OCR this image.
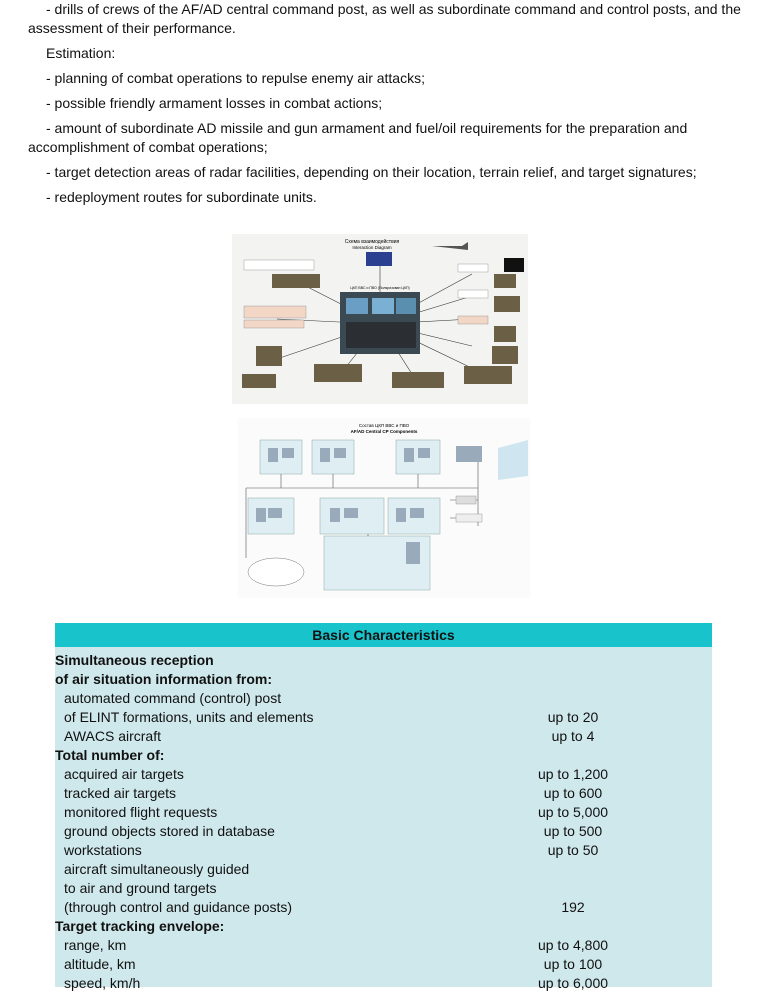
- drills of crews of the AF/AD central command post, as well as subordinate command and control posts, and the assessment of their performance.

Estimation:

- planning of combat operations to repulse enemy air attacks;

- possible friendly armament losses in combat actions;

- amount of subordinate AD missile and gun armament and fuel/oil requirements for the preparation and accomplishment of combat operations;

- target detection areas of radar facilities, depending on their location, terrain relief, and target signatures;

- redeployment routes for subordinate units.

Схема взаимодействия
Interaction Diagram
ЦКП ВВС и ПВО (Поляризован ЦКП)
Состав ЦКП ВВС и ПВО
AF/AD Central CP Components
Basic Characteristics
Simultaneous reception
of air situation information from:
automated command (control) post
of ELINT formations, units and elements	up to 20
AWACS aircraft	up to 4
Total number of:
acquired air targets	up to 1,200
tracked air targets	up to 600
monitored flight requests	up to 5,000
ground objects stored in database	up to 500
workstations	up to 50
aircraft simultaneously guided
to air and ground targets
(through control and guidance posts)	192
Target tracking envelope:
range, km	up to 4,800
altitude, km	up to 100
speed, km/h	up to 6,000
